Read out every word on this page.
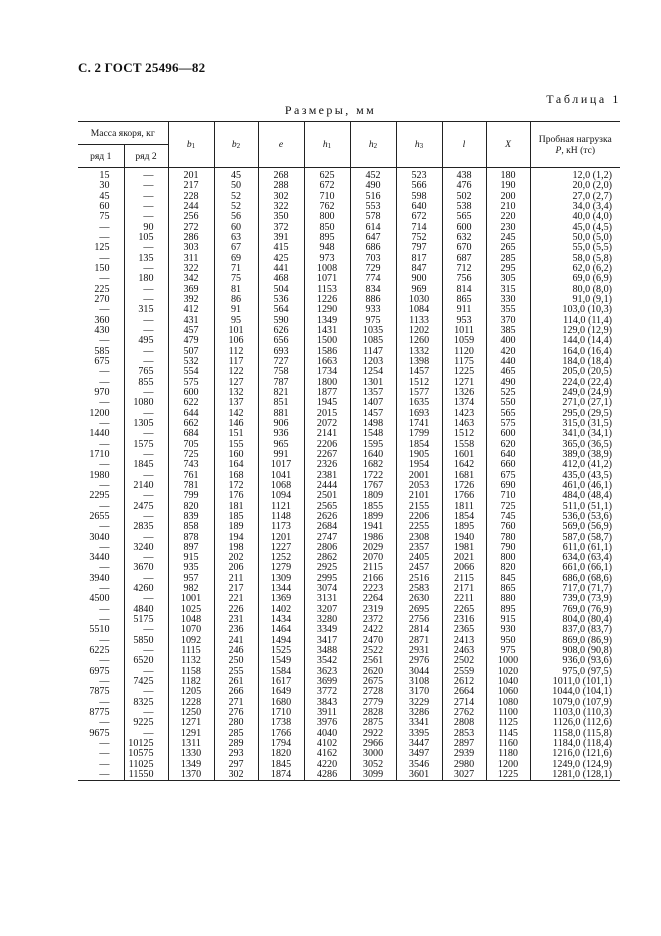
С. 2 ГОСТ 25496—82
Таблица 1
Размеры, мм
Масса якоря, кг		b1	b2	e	h1	h2	h3	l	X	Пробная нагрузка
P, кН (тс)
ряд 1	ряд 2									
15	—	201	45	268	625	452	523	438	180	12,0 (1,2)
30	—	217	50	288	672	490	566	476	190	20,0 (2,0)
45	—	228	52	302	710	516	598	502	200	27,0 (2,7)
60	—	244	52	322	762	553	640	538	210	34,0 (3,4)
75	—	256	56	350	800	578	672	565	220	40,0 (4,0)
—	90	272	60	372	850	614	714	600	230	45,0 (4,5)
—	105	286	63	391	895	647	752	632	245	50,0 (5,0)
125	—	303	67	415	948	686	797	670	265	55,0 (5,5)
—	135	311	69	425	973	703	817	687	285	58,0 (5,8)
150	—	322	71	441	1008	729	847	712	295	62,0 (6,2)
—	180	342	75	468	1071	774	900	756	305	69,0 (6,9)
225	—	369	81	504	1153	834	969	814	315	80,0 (8,0)
270	—	392	86	536	1226	886	1030	865	330	91,0 (9,1)
—	315	412	91	564	1290	933	1084	911	355	103,0 (10,3)
360	—	431	95	590	1349	975	1133	953	370	114,0 (11,4)
430	—	457	101	626	1431	1035	1202	1011	385	129,0 (12,9)
—	495	479	106	656	1500	1085	1260	1059	400	144,0 (14,4)
585	—	507	112	693	1586	1147	1332	1120	420	164,0 (16,4)
675	—	532	117	727	1663	1203	1398	1175	440	184,0 (18,4)
—	765	554	122	758	1734	1254	1457	1225	465	205,0 (20,5)
—	855	575	127	787	1800	1301	1512	1271	490	224,0 (22,4)
970	—	600	132	821	1877	1357	1577	1326	525	249,0 (24,9)
—	1080	622	137	851	1945	1407	1635	1374	550	271,0 (27,1)
1200	—	644	142	881	2015	1457	1693	1423	565	295,0 (29,5)
—	1305	662	146	906	2072	1498	1741	1463	575	315,0 (31,5)
1440	—	684	151	936	2141	1548	1799	1512	600	341,0 (34,1)
—	1575	705	155	965	2206	1595	1854	1558	620	365,0 (36,5)
1710	—	725	160	991	2267	1640	1905	1601	640	389,0 (38,9)
—	1845	743	164	1017	2326	1682	1954	1642	660	412,0 (41,2)
1980	—	761	168	1041	2381	1722	2001	1681	675	435,0 (43,5)
—	2140	781	172	1068	2444	1767	2053	1726	690	461,0 (46,1)
2295	—	799	176	1094	2501	1809	2101	1766	710	484,0 (48,4)
—	2475	820	181	1121	2565	1855	2155	1811	725	511,0 (51,1)
2655	—	839	185	1148	2626	1899	2206	1854	745	536,0 (53,6)
—	2835	858	189	1173	2684	1941	2255	1895	760	569,0 (56,9)
3040	—	878	194	1201	2747	1986	2308	1940	780	587,0 (58,7)
—	3240	897	198	1227	2806	2029	2357	1981	790	611,0 (61,1)
3440	—	915	202	1252	2862	2070	2405	2021	800	634,0 (63,4)
—	3670	935	206	1279	2925	2115	2457	2066	820	661,0 (66,1)
3940	—	957	211	1309	2995	2166	2516	2115	845	686,0 (68,6)
—	4260	982	217	1344	3074	2223	2583	2171	865	717,0 (71,7)
4500	—	1001	221	1369	3131	2264	2630	2211	880	739,0 (73,9)
—	4840	1025	226	1402	3207	2319	2695	2265	895	769,0 (76,9)
—	5175	1048	231	1434	3280	2372	2756	2316	915	804,0 (80,4)
5510	—	1070	236	1464	3349	2422	2814	2365	930	837,0 (83,7)
—	5850	1092	241	1494	3417	2470	2871	2413	950	869,0 (86,9)
6225	—	1115	246	1525	3488	2522	2931	2463	975	908,0 (90,8)
—	6520	1132	250	1549	3542	2561	2976	2502	1000	936,0 (93,6)
6975	—	1158	255	1584	3623	2620	3044	2559	1020	975,0 (97,5)
—	7425	1182	261	1617	3699	2675	3108	2612	1040	1011,0 (101,1)
7875	—	1205	266	1649	3772	2728	3170	2664	1060	1044,0 (104,1)
—	8325	1228	271	1680	3843	2779	3229	2714	1080	1079,0 (107,9)
8775	—	1250	276	1710	3911	2828	3286	2762	1100	1103,0 (110,3)
—	9225	1271	280	1738	3976	2875	3341	2808	1125	1126,0 (112,6)
9675	—	1291	285	1766	4040	2922	3395	2853	1145	1158,0 (115,8)
—	10125	1311	289	1794	4102	2966	3447	2897	1160	1184,0 (118,4)
—	10575	1330	293	1820	4162	3000	3497	2939	1180	1216,0 (121,6)
—	11025	1349	297	1845	4220	3052	3546	2980	1200	1249,0 (124,9)
—	11550	1370	302	1874	4286	3099	3601	3027	1225	1281,0 (128,1)
